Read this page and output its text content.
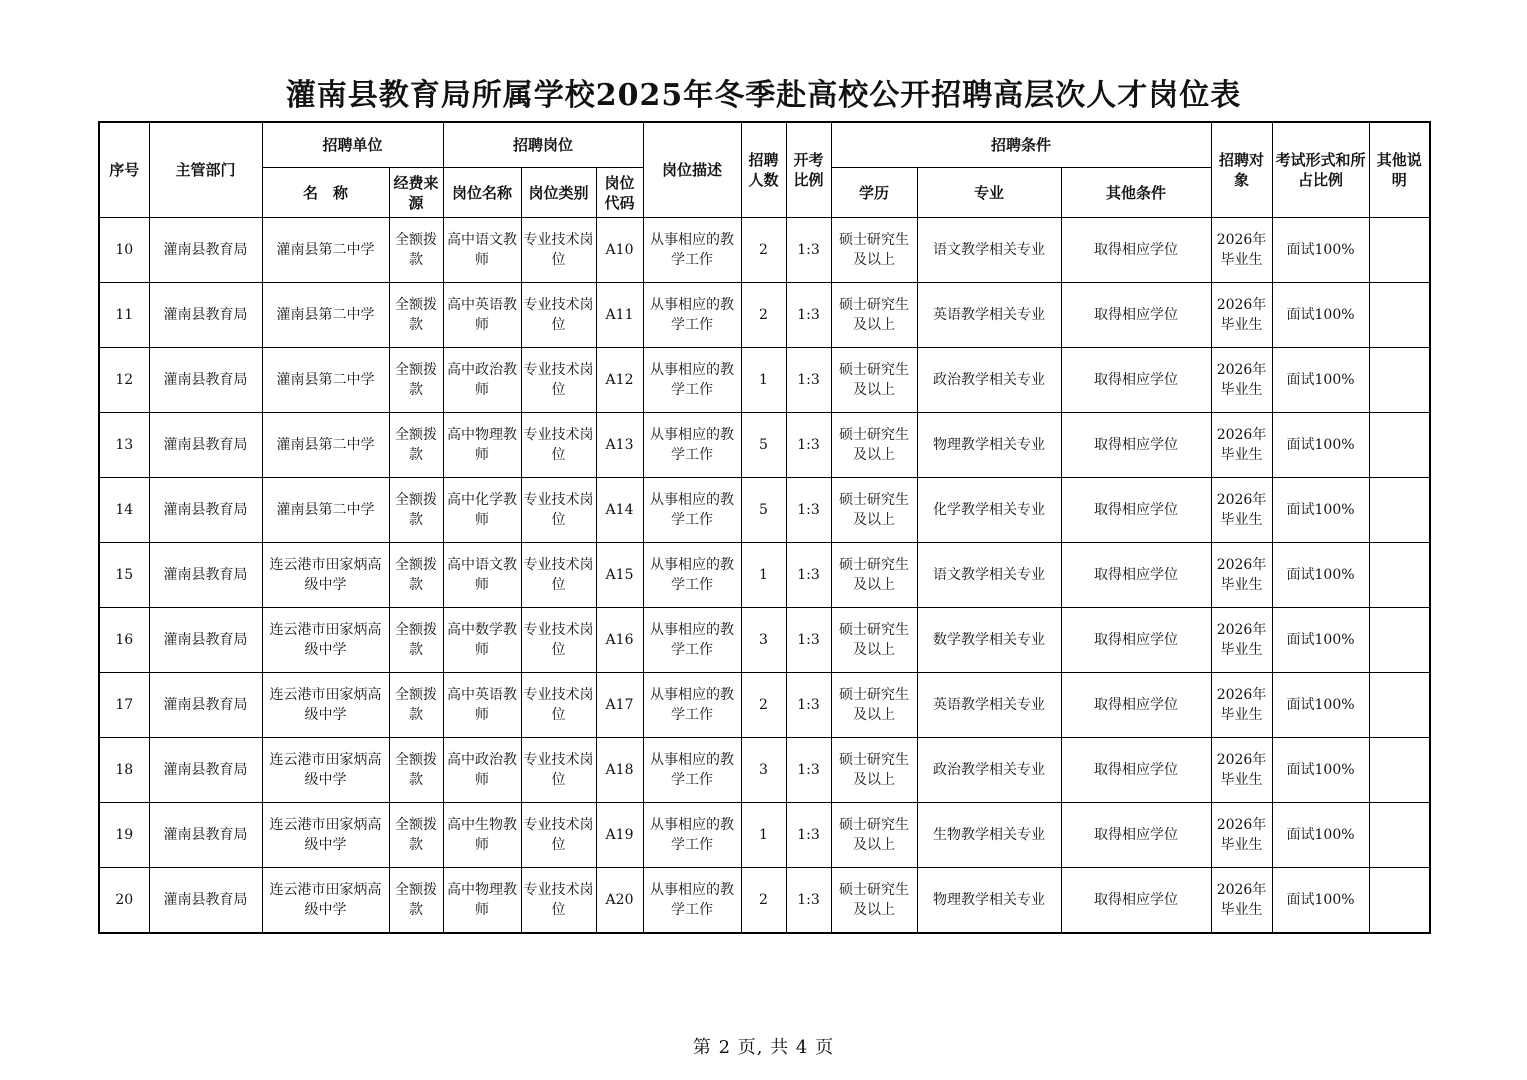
灌南县教育局所属学校2025年冬季赴高校公开招聘高层次人才岗位表
序号	主管部门	招聘单位		招聘岗位			岗位描述	招聘人数	开考比例	招聘条件			招聘对象	考试形式和所占比例	其他说明
		名　称	经费来源	岗位名称	岗位类别	岗位代码				学历	专业	其他条件			
10	灌南县教育局	灌南县第二中学	全额拨款	高中语文教师	专业技术岗位	A10	从事相应的教学工作	2	1:3	硕士研究生及以上	语文教学相关专业	取得相应学位	2026年毕业生	面试100%	
11	灌南县教育局	灌南县第二中学	全额拨款	高中英语教师	专业技术岗位	A11	从事相应的教学工作	2	1:3	硕士研究生及以上	英语教学相关专业	取得相应学位	2026年毕业生	面试100%	
12	灌南县教育局	灌南县第二中学	全额拨款	高中政治教师	专业技术岗位	A12	从事相应的教学工作	1	1:3	硕士研究生及以上	政治教学相关专业	取得相应学位	2026年毕业生	面试100%	
13	灌南县教育局	灌南县第二中学	全额拨款	高中物理教师	专业技术岗位	A13	从事相应的教学工作	5	1:3	硕士研究生及以上	物理教学相关专业	取得相应学位	2026年毕业生	面试100%	
14	灌南县教育局	灌南县第二中学	全额拨款	高中化学教师	专业技术岗位	A14	从事相应的教学工作	5	1:3	硕士研究生及以上	化学教学相关专业	取得相应学位	2026年毕业生	面试100%	
15	灌南县教育局	连云港市田家炳高级中学	全额拨款	高中语文教师	专业技术岗位	A15	从事相应的教学工作	1	1:3	硕士研究生及以上	语文教学相关专业	取得相应学位	2026年毕业生	面试100%	
16	灌南县教育局	连云港市田家炳高级中学	全额拨款	高中数学教师	专业技术岗位	A16	从事相应的教学工作	3	1:3	硕士研究生及以上	数学教学相关专业	取得相应学位	2026年毕业生	面试100%	
17	灌南县教育局	连云港市田家炳高级中学	全额拨款	高中英语教师	专业技术岗位	A17	从事相应的教学工作	2	1:3	硕士研究生及以上	英语教学相关专业	取得相应学位	2026年毕业生	面试100%	
18	灌南县教育局	连云港市田家炳高级中学	全额拨款	高中政治教师	专业技术岗位	A18	从事相应的教学工作	3	1:3	硕士研究生及以上	政治教学相关专业	取得相应学位	2026年毕业生	面试100%	
19	灌南县教育局	连云港市田家炳高级中学	全额拨款	高中生物教师	专业技术岗位	A19	从事相应的教学工作	1	1:3	硕士研究生及以上	生物教学相关专业	取得相应学位	2026年毕业生	面试100%	
20	灌南县教育局	连云港市田家炳高级中学	全额拨款	高中物理教师	专业技术岗位	A20	从事相应的教学工作	2	1:3	硕士研究生及以上	物理教学相关专业	取得相应学位	2026年毕业生	面试100%	
第 2 页, 共 4 页
